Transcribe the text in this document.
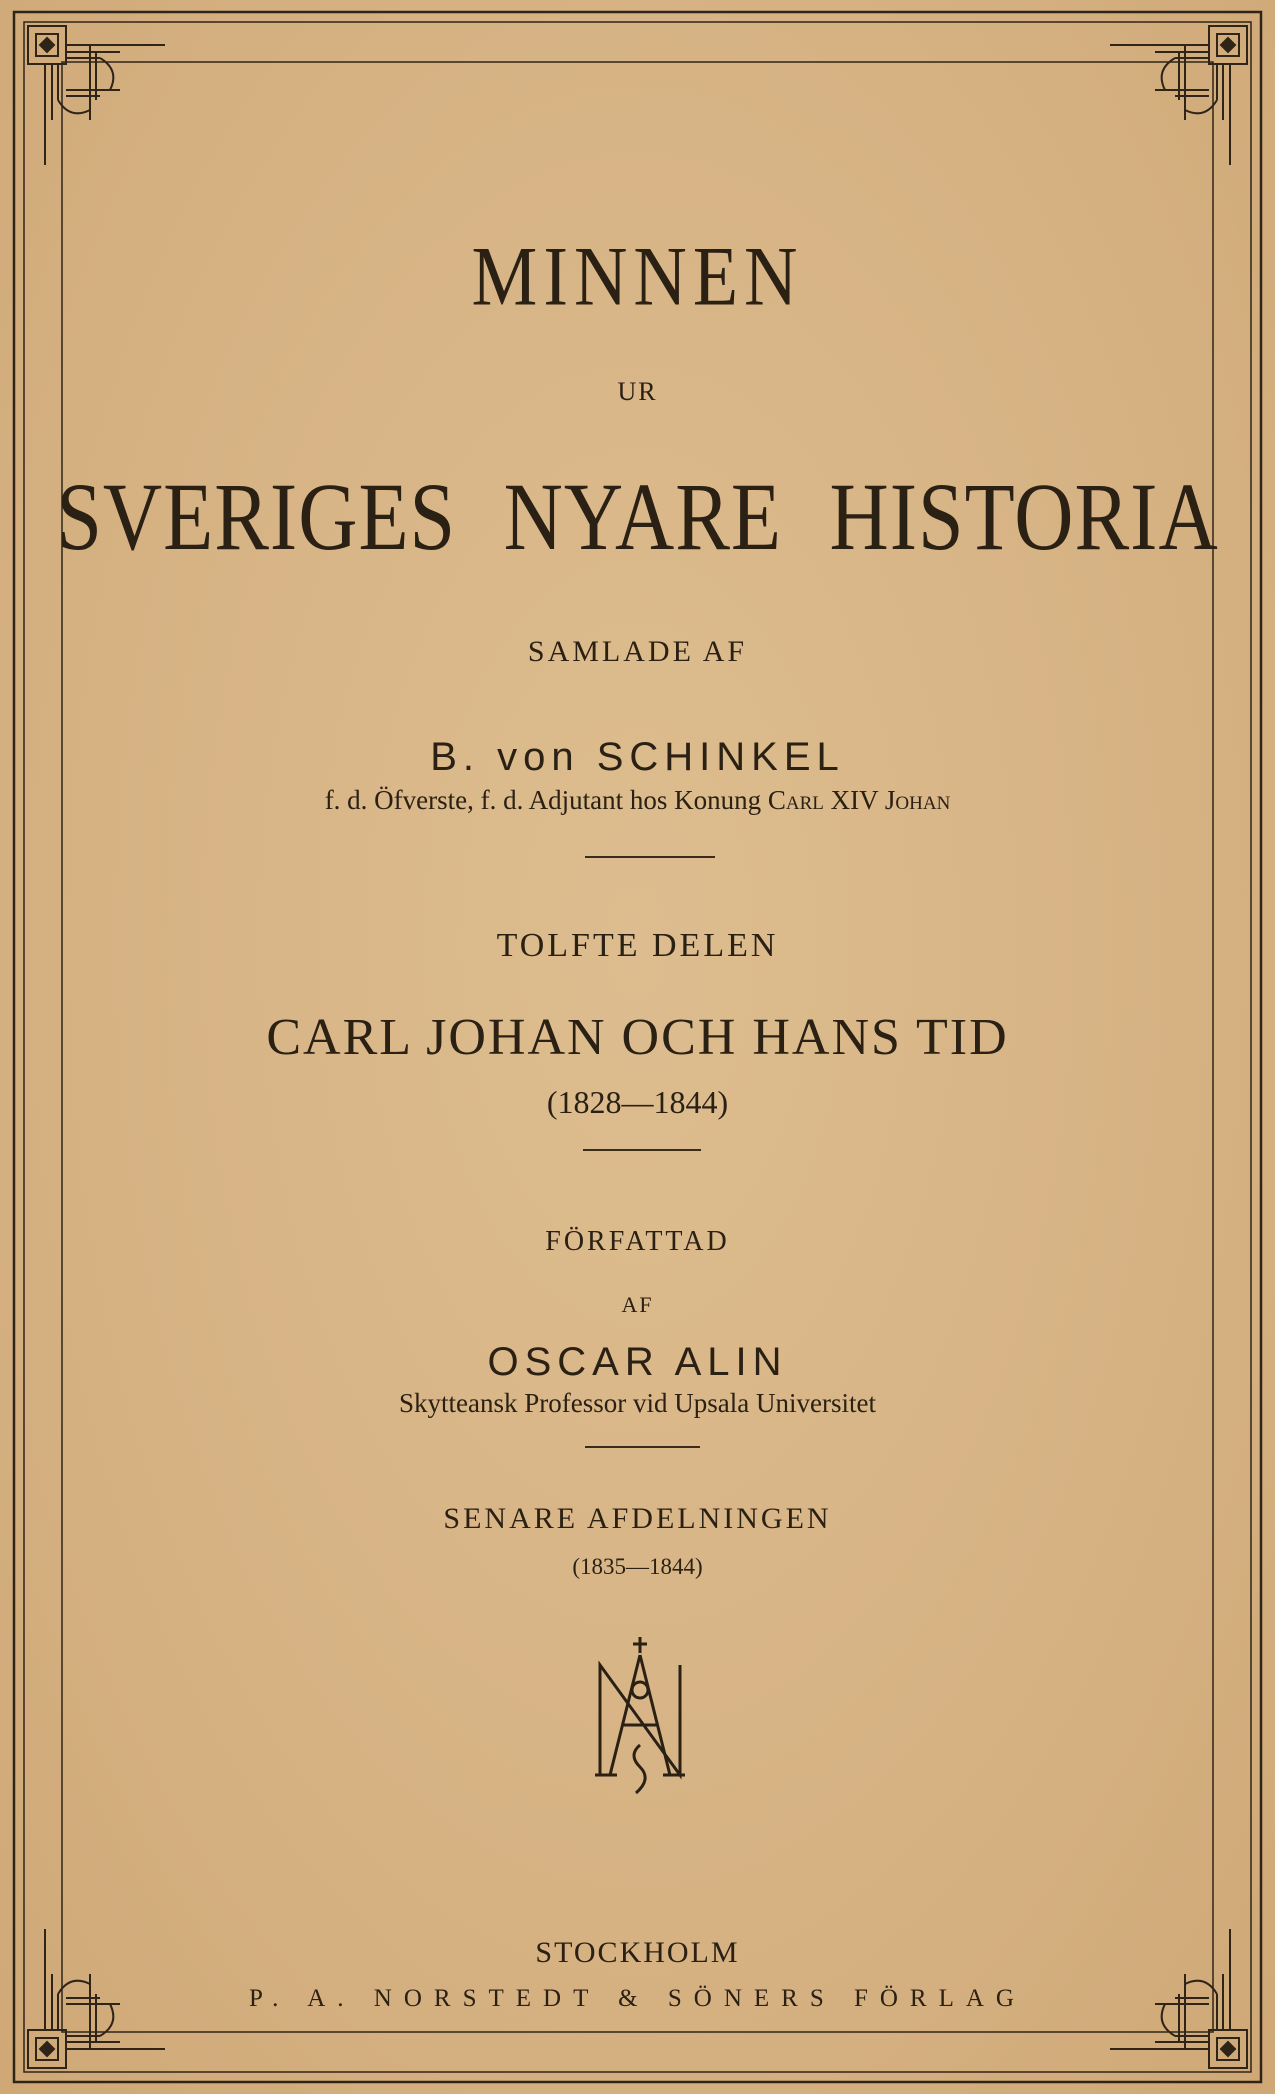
MINNEN
UR
SVERIGES NYARE HISTORIA
SAMLADE AF
B. von SCHINKEL
f. d. Öfverste, f. d. Adjutant hos Konung Carl XIV Johan
TOLFTE DELEN
CARL JOHAN OCH HANS TID
(1828—1844)
FÖRFATTAD
AF
OSCAR ALIN
Skytteansk Professor vid Upsala Universitet
SENARE AFDELNINGEN
(1835—1844)
STOCKHOLM
P. A. NORSTEDT & SÖNERS FÖRLAG
